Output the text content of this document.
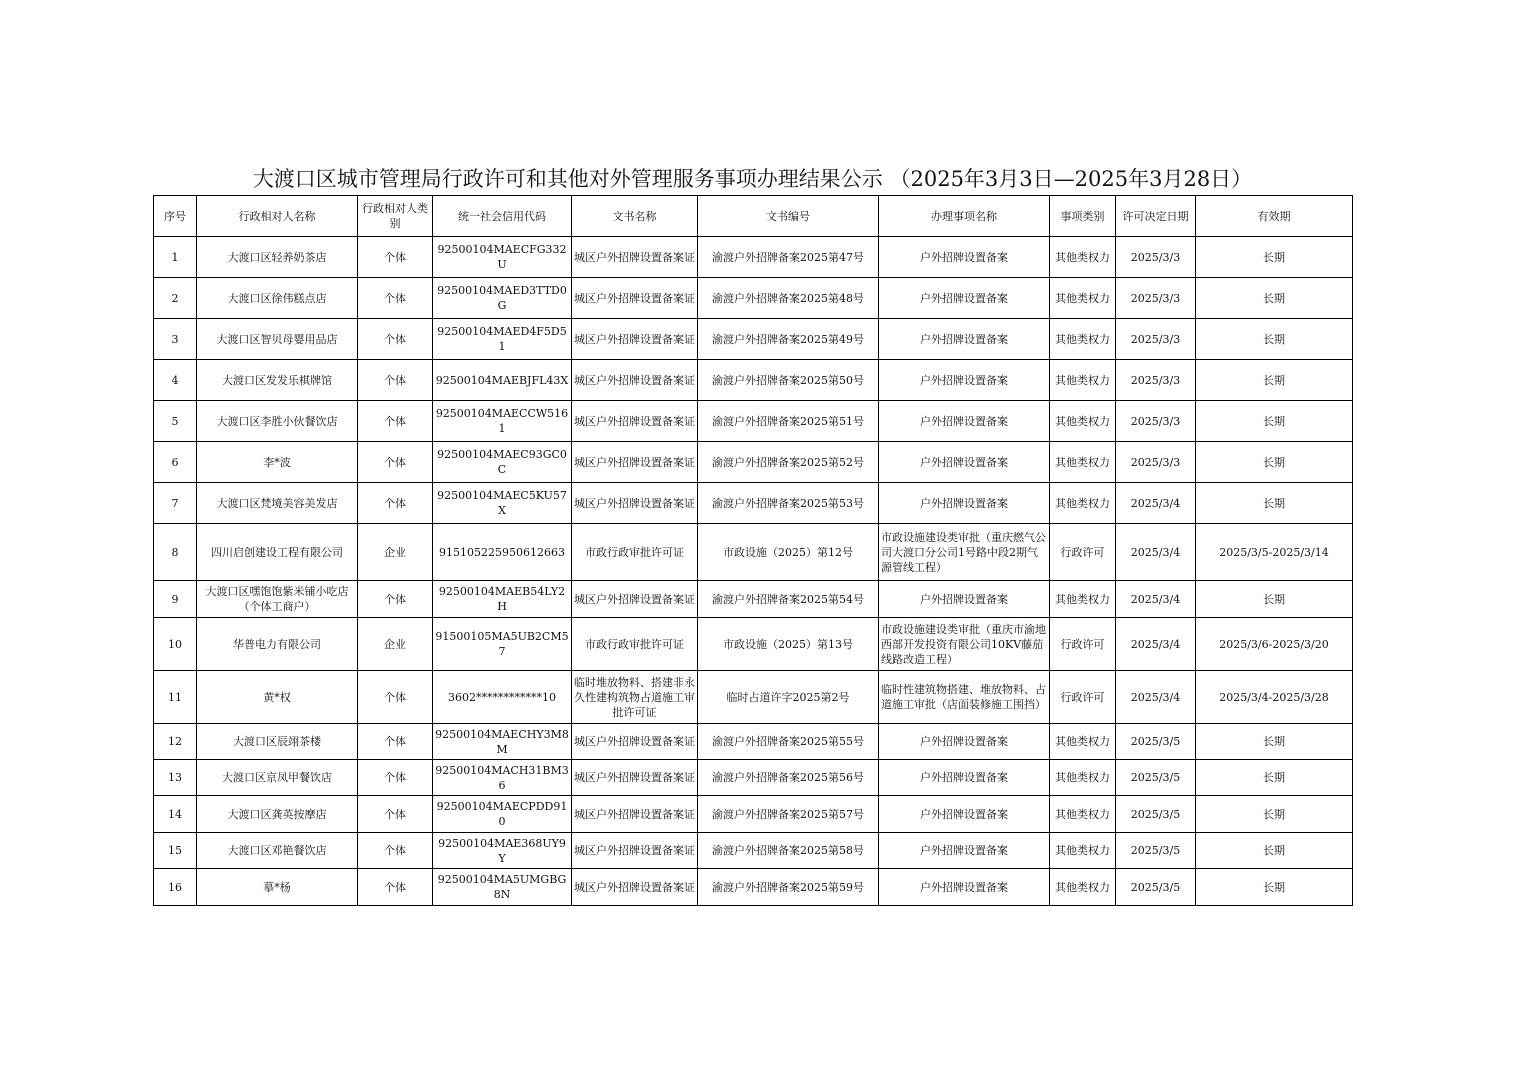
大渡口区城市管理局行政许可和其他对外管理服务事项办理结果公示 （2025年3月3日—2025年3月28日）
序号	行政相对人名称	行政相对人类别	统一社会信用代码	文书名称	文书编号	办理事项名称	事项类别	许可决定日期	有效期
1	大渡口区轻养奶茶店	个体	92500104MAECFG332U	城区户外招牌设置备案证	渝渡户外招牌备案2025第47号	户外招牌设置备案	其他类权力	2025/3/3	长期
2	大渡口区徐伟糕点店	个体	92500104MAED3TTD0G	城区户外招牌设置备案证	渝渡户外招牌备案2025第48号	户外招牌设置备案	其他类权力	2025/3/3	长期
3	大渡口区智贝母婴用品店	个体	92500104MAED4F5D51	城区户外招牌设置备案证	渝渡户外招牌备案2025第49号	户外招牌设置备案	其他类权力	2025/3/3	长期
4	大渡口区发发乐棋牌馆	个体	92500104MAEBJFL43X	城区户外招牌设置备案证	渝渡户外招牌备案2025第50号	户外招牌设置备案	其他类权力	2025/3/3	长期
5	大渡口区李胜小伙餐饮店	个体	92500104MAECCW5161	城区户外招牌设置备案证	渝渡户外招牌备案2025第51号	户外招牌设置备案	其他类权力	2025/3/3	长期
6	李*波	个体	92500104MAEC93GC0C	城区户外招牌设置备案证	渝渡户外招牌备案2025第52号	户外招牌设置备案	其他类权力	2025/3/3	长期
7	大渡口区梵境美容美发店	个体	92500104MAEC5KU57X	城区户外招牌设置备案证	渝渡户外招牌备案2025第53号	户外招牌设置备案	其他类权力	2025/3/4	长期
8	四川启创建设工程有限公司	企业	915105225950612663	市政行政审批许可证	市政设施（2025）第12号	市政设施建设类审批（重庆燃气公司大渡口分公司1号路中段2期气源管线工程）	行政许可	2025/3/4	2025/3/5-2025/3/14
9	大渡口区嘿饱饱紫米铺小吃店（个体工商户）	个体	92500104MAEB54LY2H	城区户外招牌设置备案证	渝渡户外招牌备案2025第54号	户外招牌设置备案	其他类权力	2025/3/4	长期
10	华普电力有限公司	企业	91500105MA5UB2CM57	市政行政审批许可证	市政设施（2025）第13号	市政设施建设类审批（重庆市渝地西部开发投资有限公司10KV藤茄线路改造工程）	行政许可	2025/3/4	2025/3/6-2025/3/20
11	黄*权	个体	3602************10	临时堆放物料、搭建非永久性建构筑物占道施工审批许可证	临时占道许字2025第2号	临时性建筑物搭建、堆放物料、占道施工审批（店面装修施工围挡）	行政许可	2025/3/4	2025/3/4-2025/3/28
12	大渡口区辰翊茶楼	个体	92500104MAECHY3M8M	城区户外招牌设置备案证	渝渡户外招牌备案2025第55号	户外招牌设置备案	其他类权力	2025/3/5	长期
13	大渡口区京凤甲餐饮店	个体	92500104MACH31BM36	城区户外招牌设置备案证	渝渡户外招牌备案2025第56号	户外招牌设置备案	其他类权力	2025/3/5	长期
14	大渡口区龚英按摩店	个体	92500104MAECPDD910	城区户外招牌设置备案证	渝渡户外招牌备案2025第57号	户外招牌设置备案	其他类权力	2025/3/5	长期
15	大渡口区邓艳餐饮店	个体	92500104MAE368UY9Y	城区户外招牌设置备案证	渝渡户外招牌备案2025第58号	户外招牌设置备案	其他类权力	2025/3/5	长期
16	摹*杨	个体	92500104MA5UMGBG8N	城区户外招牌设置备案证	渝渡户外招牌备案2025第59号	户外招牌设置备案	其他类权力	2025/3/5	长期
